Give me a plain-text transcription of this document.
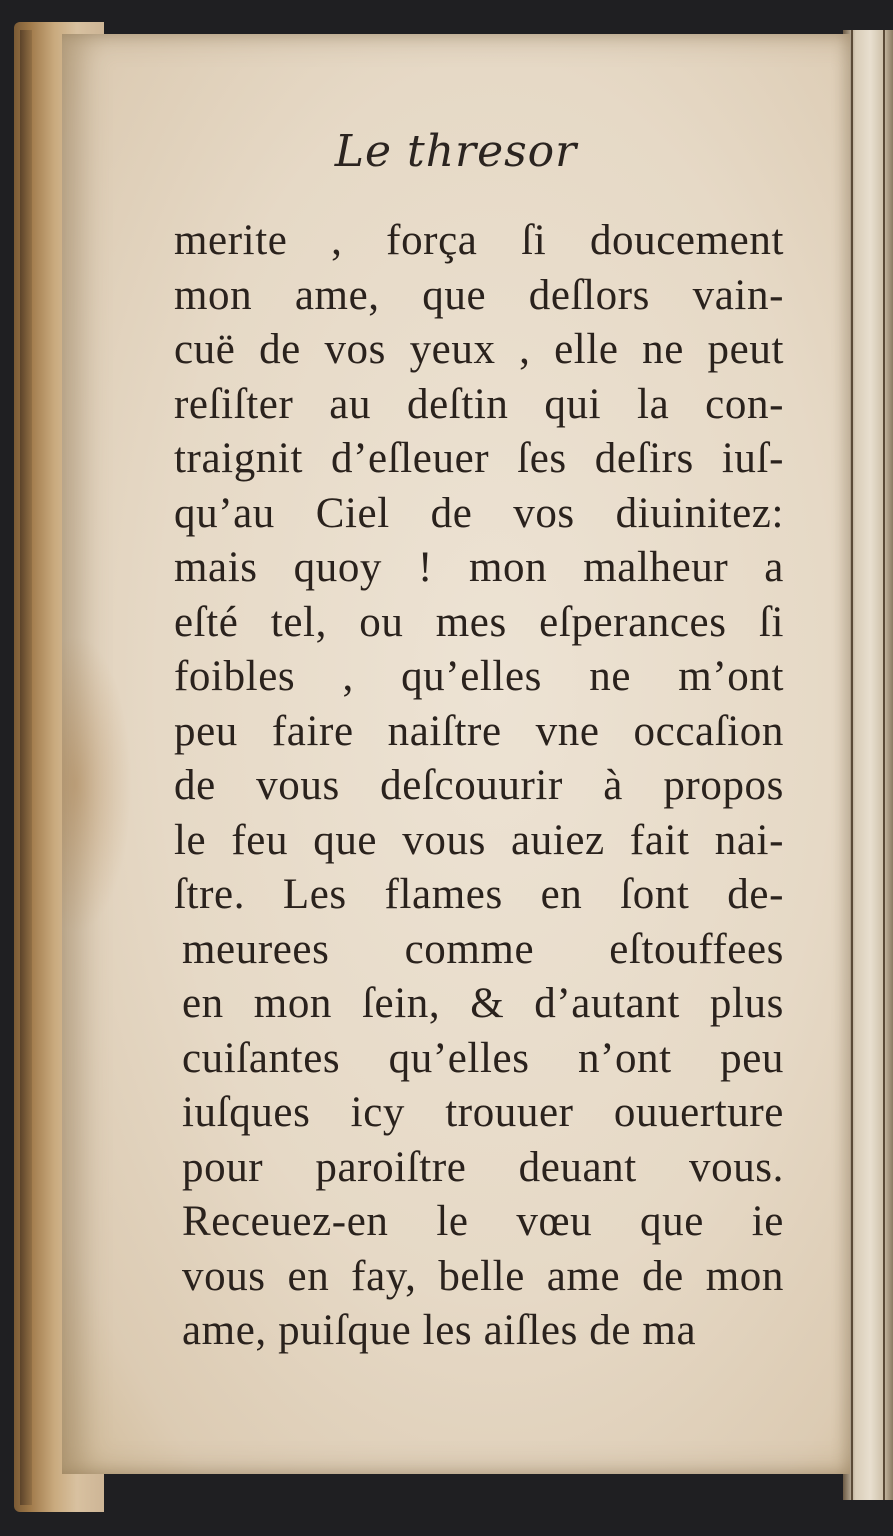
Le thresor
merite , força ſi doucement
mon ame, que deſlors vain-
cuë de vos yeux , elle ne peut
reſiſter au deſtin qui la con-
traignit d’eſleuer ſes deſirs iuſ-
qu’au Ciel de vos diuinitez:
mais quoy ! mon malheur a
eſté tel, ou mes eſperances ſi
foibles , qu’elles ne m’ont
peu faire naiſtre vne occaſion
de vous deſcouurir à propos
le feu que vous auiez fait nai-
ſtre. Les flames en ſont de-
meurees comme eſtouffees
en mon ſein, & d’autant plus
cuiſantes qu’elles n’ont peu
iuſques icy trouuer ouuerture
pour paroiſtre deuant vous.
Receuez-en le vœu que ie
vous en fay, belle ame de mon
ame, puiſque les aiſles de ma
